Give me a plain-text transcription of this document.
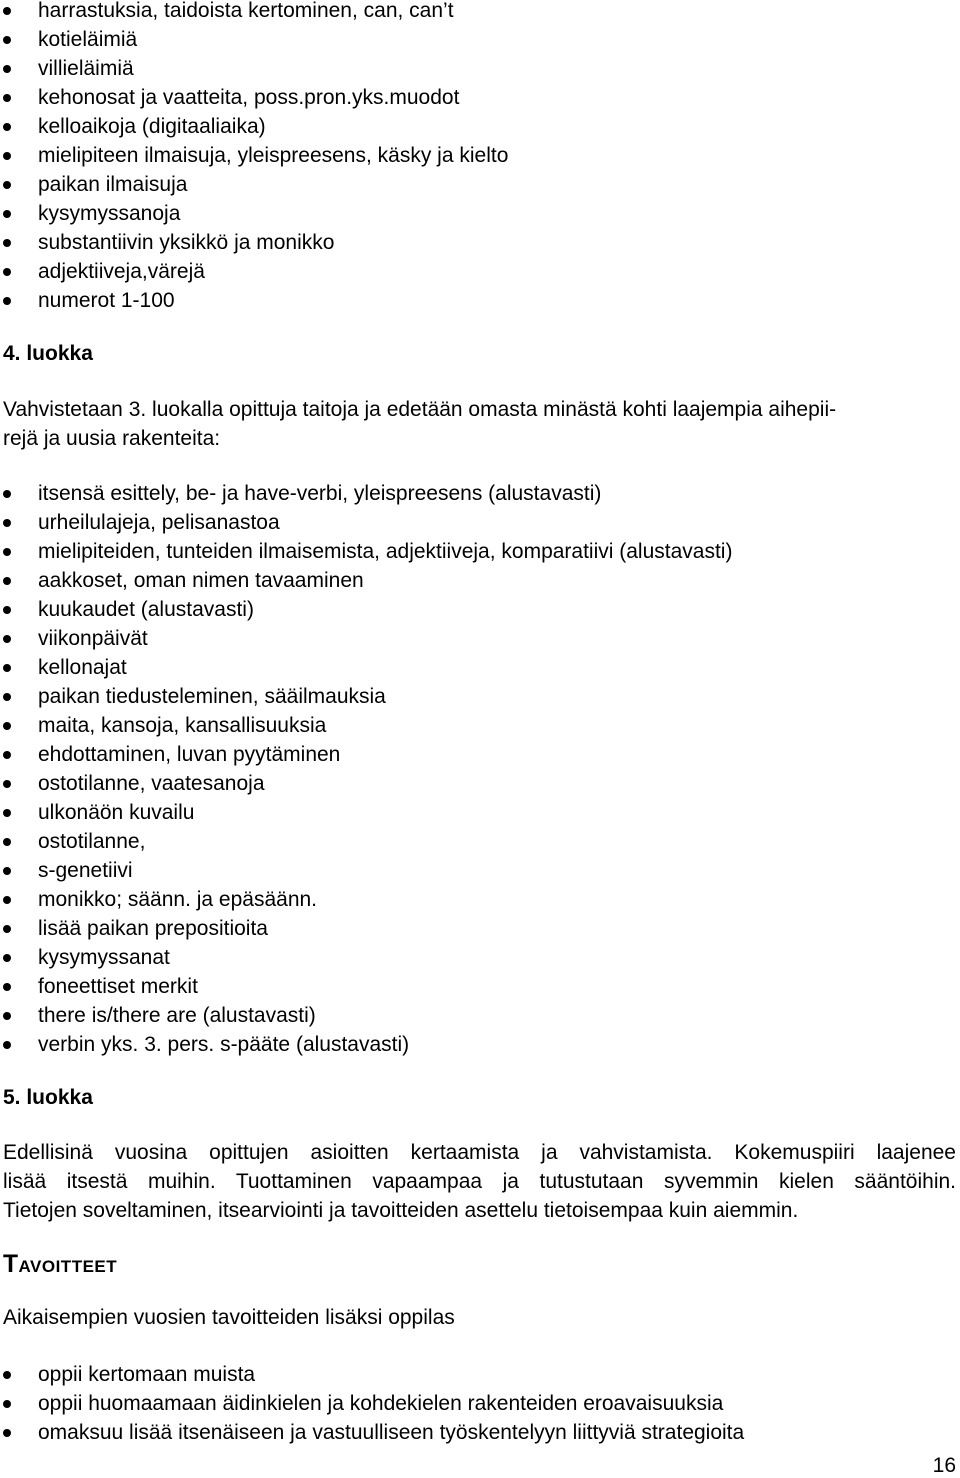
harrastuksia, taidoista kertominen, can, can’t
kotieläimiä
villieläimiä
kehonosat ja vaatteita, poss.pron.yks.muodot
kelloaikoja (digitaaliaika)
mielipiteen ilmaisuja, yleispreesens, käsky ja kielto
paikan ilmaisuja
kysymyssanoja
substantiivin yksikkö ja monikko
adjektiiveja,värejä
numerot 1-100
4. luokka

Vahvistetaan 3. luokalla opittuja taitoja ja edetään omasta minästä kohti laajempia aihepii-
rejä ja uusia rakenteita:

itsensä esittely, be- ja have-verbi, yleispreesens (alustavasti)
urheilulajeja, pelisanastoa
mielipiteiden, tunteiden ilmaisemista, adjektiiveja, komparatiivi (alustavasti)
aakkoset, oman nimen tavaaminen
kuukaudet (alustavasti)
viikonpäivät
kellonajat
paikan tiedusteleminen, sääilmauksia
maita, kansoja, kansallisuuksia
ehdottaminen, luvan pyytäminen
ostotilanne, vaatesanoja
ulkonäön kuvailu
ostotilanne,
s-genetiivi
monikko; säänn. ja epäsäänn.
lisää paikan prepositioita
kysymyssanat
foneettiset merkit
there is/there are (alustavasti)
verbin yks. 3. pers. s-pääte (alustavasti)
5. luokka

Edellisinä vuosina opittujen asioitten kertaamista ja vahvistamista. Kokemuspiiri laajenee
lisää itsestä muihin. Tuottaminen vapaampaa ja tutustutaan syvemmin kielen sääntöihin.
Tietojen soveltaminen, itsearviointi ja tavoitteiden asettelu tietoisempaa kuin aiemmin.

Tavoitteet

Aikaisempien vuosien tavoitteiden lisäksi oppilas

oppii kertomaan muista
oppii huomaamaan äidinkielen ja kohdekielen rakenteiden eroavaisuuksia
omaksuu lisää itsenäiseen ja vastuulliseen työskentelyyn liittyviä strategioita
16
